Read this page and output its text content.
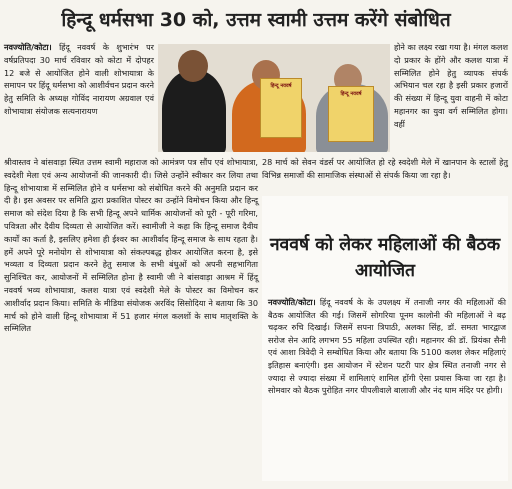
हिन्दू धर्मसभा 30 को, उत्तम स्वामी उत्तम करेंगे संबोधित

नवज्योति/कोटा। हिंदू नववर्ष के शुभारंभ पर वर्षप्रतिपदा 30 मार्च रविवार को कोटा में दोपहर 12 बजे से आयोजित होने वाली शोभायात्रा के समापन पर हिंदू धर्मसभा को आशीर्वचन प्रदान करने हेतु समिति के अध्यक्ष गोविंद नारायण अग्रवाल एवं शोभायात्रा संयोजक सत्यनारायण

हिन्दू नववर्ष
हिन्दू नववर्ष
होने का लक्ष्य रखा गया है। मंगल कलश दो प्रकार के होंगे और कलश यात्रा में सम्मिलित होने हेतु व्यापक संपर्क अभियान चल रहा है इसी प्रकार हजारों की संख्या में हिन्दू युवा वाहनी में कोटा महानगर का युवा वर्ग सम्मिलित होगा। वहीं
श्रीवास्तव ने बांसवाड़ा स्थित उत्तम स्वामी महाराज को आमंत्रण पत्र सौंप एवं शोभायात्रा, स्वदेशी मेला एवं अन्य आयोजनों की जानकारी दी। जिसे उन्होंने स्वीकार कर लिया तथा हिन्दू शोभायात्रा में सम्मिलित होने व धर्मसभा को संबोधित करने की अनुमति प्रदान कर दी है। इस अवसर पर समिति द्वारा प्रकाशित पोस्टर का उन्होंने विमोचन किया और हिन्दू समाज को संदेश दिया है कि सभी हिन्दू अपने धार्मिक आयोजनों को पूरी - पूरी गरिमा, पवित्रता और दैवीय दिव्यता से आयोजित करें। स्वामीजी ने कहा कि हिन्दू समाज दैवीय कार्यों का कर्ता है, इसलिए हमेशा ही ईश्वर का आशीर्वाद हिन्दू समाज के साथ रहता है। हमें अपने पूरे मनोयोग से शोभायात्रा को संकल्पबद्ध होकर आयोजित करना है, इसे भव्यता व दिव्यता प्रदान करने हेतु समाज के सभी बंधुओं को अपनी सहभागिता सुनिश्चित कर, आयोजनों में सम्मिलित होना है स्वामी जी ने बांसवाड़ा आश्रम में हिंदू नववर्ष भव्य शोभायात्रा, कलश यात्रा एवं स्वदेशी मेले के पोस्टर का विमोचन कर आशीर्वाद प्रदान किया। समिति के मीडिया संयोजक अरविंद सिसोदिया ने बताया कि 30 मार्च को होने वाली हिन्दू शोभायात्रा में 51 हजार मंगल कलशों के साथ मातृशक्ति के सम्मिलित
28 मार्च को सेवन वंडर्स पर आयोजित हो रहे स्वदेशी मेले में खानपान के स्टालों हेतु विभिन्न समाजों की सामाजिक संस्थाओं से संपर्क किया जा रहा है।
नववर्ष को लेकर महिलाओं की बैठक आयोजित

नवज्योति/कोटा। हिंदू नववर्ष के के उपलक्ष्य में तनाजी नगर की महिलाओं की बैठक आयोजित की गई। जिसमें सोगरिया पूनम कालोनी की महिलाओं ने बढ़ चढ़कर रुचि दिखाई। जिसमें सपना त्रिपाठी, अलका सिंह, डॉ. समता भारद्वाज सरोज सेन आदि लगभग 55 महिला उपस्थित रही। महानगर की डॉ. प्रियंका सैनी एवं आशा त्रिवेदी ने सम्बोधित किया और बताया कि 5100 कलश लेकर महिलाएं इतिहास बनाएंगी। इस आयोजन में स्टेशन पटरी पार क्षेत्र स्थित तनाजी नगर से ज्यादा से ज्यादा संख्या में शामिलाएं शामिल होंगी ऐसा प्रयास किया जा रहा है। सोमवार को बैठक पुरोहित नगर पीपलीवाले बालाजी और नंद धाम मंदिर पर होगी।
